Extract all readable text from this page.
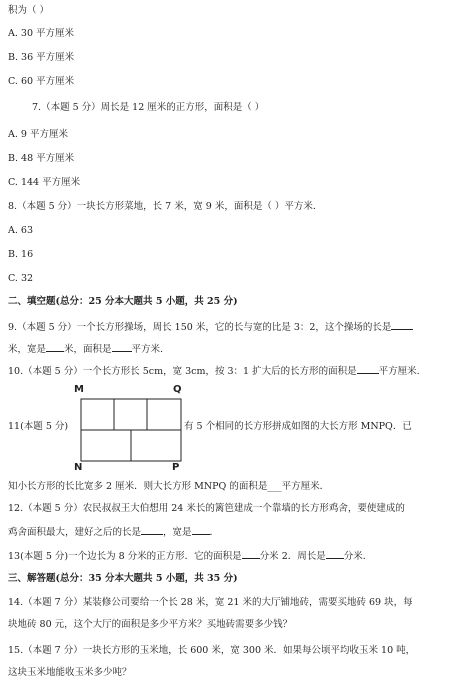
积为（ ）
A. 30 平方厘米
B. 36 平方厘米
C. 60 平方厘米
7.（本题 5 分）周长是 12 厘米的正方形，面积是（ ）
A. 9 平方厘米
B. 48 平方厘米
C. 144 平方厘米
8.（本题 5 分）一块长方形菜地，长 7 米，宽 9 米，面积是（ ）平方米.
A. 63
B. 16
C. 32
二、填空题(总分：25 分本大题共 5 小题，共 25 分)
9.（本题 5 分）一个长方形操场，周长 150 米，它的长与宽的比是 3：2，这个操场的长是
米，宽是 米，面积是 平方米.
10.（本题 5 分）一个长方形长 5cm，宽 3cm，按 3：1 扩大后的长方形的面积是 平方厘米.
M	Q
N	P
11(本题 5 分)	有 5 个相同的长方形拼成如图的大长方形 MNPQ．已
知小长方形的长比宽多 2 厘米．则大长方形 MNPQ 的面积是___平方厘米．
12.（本题 5 分）农民叔叔王大伯想用 24 米长的篱笆建成一个靠墙的长方形鸡舍，要使建成的
鸡舍面积最大，建好之后的长是 ，宽是 ．
13(本题 5 分)一个边长为 8 分米的正方形．它的面积是 分米 2．周长是 分米．
三、解答题(总分：35 分本大题共 5 小题，共 35 分)
14.（本题 7 分）某装修公司要给一个长 28 米，宽 21 米的大厅铺地砖，需要买地砖 69 块，每
块地砖 80 元，这个大厅的面积是多少平方米？买地砖需要多少钱？
15.（本题 7 分）一块长方形的玉米地，长 600 米，宽 300 米．如果每公顷平均收玉米 10 吨，
这块玉米地能收玉米多少吨？
